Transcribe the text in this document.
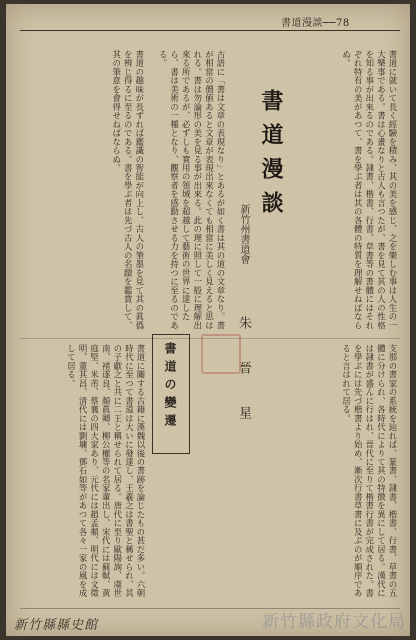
書道漫談──78
古語に「書は文章の表現なり」とあるが如く書は其の道の文章なり。書が相當の價値あると文章が表現出來なくても相當に美しく見えると思はれる。書は勿論形の美を見る事が出來る。此の理に照して一般に理解出來る所であるが、必ずしも實用の領域を超越して藝術の世界に達したら、書は美術の一種となり、觀察者を感動させる力を持つに至るのである。

書道の趣味が長ずれば鑑識の智能が向上し、古人の筆墨を見て其の眞僞を辨じ得るに至るのである。書を學ぶ者は先づ古人の名蹟を鑑賞して、其の筆意を會得せねばならぬ。	書道漫談
新竹州書道會
朱 晉 星
書道に就いて長く經驗を積み、其の美を感じ、之を樂しむ事は人生の一大樂事である。書は心畫なりと古人も言つたが、書を見て其の人の性格を知る事が出來るのである。隷書、楷書、行書、草書等の書體にはそれぞれ特有の美があつて、書を學ぶ者は其の各體の特質を理解せねばならぬ。
書道に關する古籍に漢魏以後の書跡を論じたもの甚だ多い。六朝時代に至つて書道は大いに發達し、王羲之は書聖と稱せられ、其の子獻之と共に二王と稱せられて居る。唐代に至り歐陽詢、虞世南、褚遂良、顏眞卿、柳公權等の名家輩出し、宋代には蘇軾、黃庭堅、米芾、蔡襄の四大家あり、元代には趙孟頫、明代には文徵明、董其昌、清代には劉墉、鄧石如等があつて各々一家の風を成して居る。	書道の變遷	支那の書家の系統を辿れば、篆書、隷書、楷書、行書、草書の五體に分けられ、各時代によりて其の特徴を異にして居る。漢代には隷書が盛んに行はれ、晉代に至りて楷書行書が完成された。書を學ぶには先づ楷書より始め、漸次行書草書に及ぶのが順序であると言はれて居る。
新竹縣政府文化局
新竹縣縣史館
